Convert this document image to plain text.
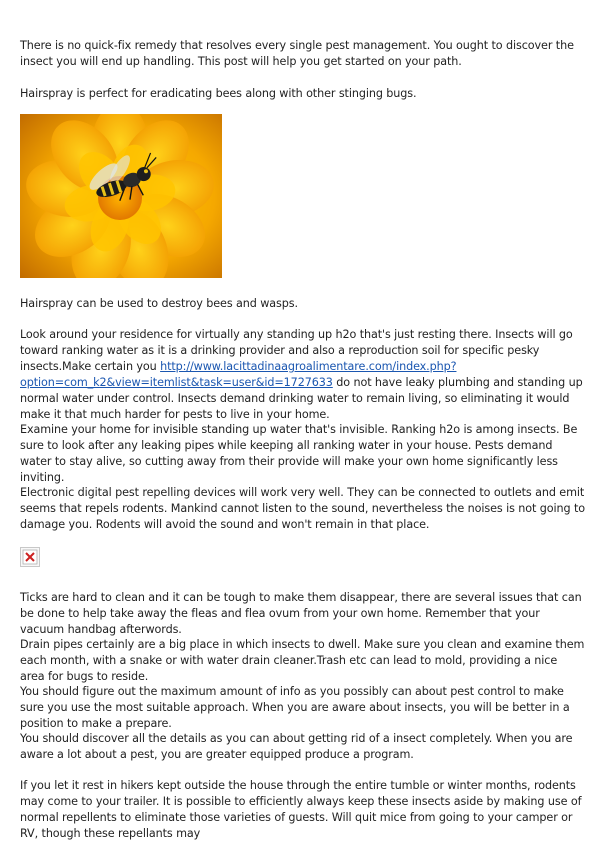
There is no quick-fix remedy that resolves every single pest management. You ought to discover the insect you will end up handling. This post will help you get started on your path.

Hairspray is perfect for eradicating bees along with other stinging bugs.

Hairspray can be used to destroy bees and wasps.

Look around your residence for virtually any standing up h2o that's just resting there. Insects will go toward ranking water as it is a drinking provider and also a reproduction soil for specific pesky insects.Make certain you http://www.lacittadinaagroalimentare.com/index.php?option=com_k2&view=itemlist&task=user&id=1727633 do not have leaky plumbing and standing up normal water under control. Insects demand drinking water to remain living, so eliminating it would make it that much harder for pests to live in your home.

Examine your home for invisible standing up water that's invisible. Ranking h2o is among insects. Be sure to look after any leaking pipes while keeping all ranking water in your house. Pests demand water to stay alive, so cutting away from their provide will make your own home significantly less inviting.

Electronic digital pest repelling devices will work very well. They can be connected to outlets and emit seems that repels rodents. Mankind cannot listen to the sound, nevertheless the noises is not going to damage you. Rodents will avoid the sound and won't remain in that place.

Ticks are hard to clean and it can be tough to make them disappear, there are several issues that can be done to help take away the fleas and flea ovum from your own home. Remember that your vacuum handbag afterwords.

Drain pipes certainly are a big place in which insects to dwell. Make sure you clean and examine them each month, with a snake or with water drain cleaner.Trash etc can lead to mold, providing a nice area for bugs to reside.

You should figure out the maximum amount of info as you possibly can about pest control to make sure you use the most suitable approach. When you are aware about insects, you will be better in a position to make a prepare.

You should discover all the details as you can about getting rid of a insect completely. When you are aware a lot about a pest, you are greater equipped produce a program.

If you let it rest in hikers kept outside the house through the entire tumble or winter months, rodents may come to your trailer. It is possible to efficiently always keep these insects aside by making use of normal repellents to eliminate those varieties of guests. Will quit mice from going to your camper or RV, though these repellants may
